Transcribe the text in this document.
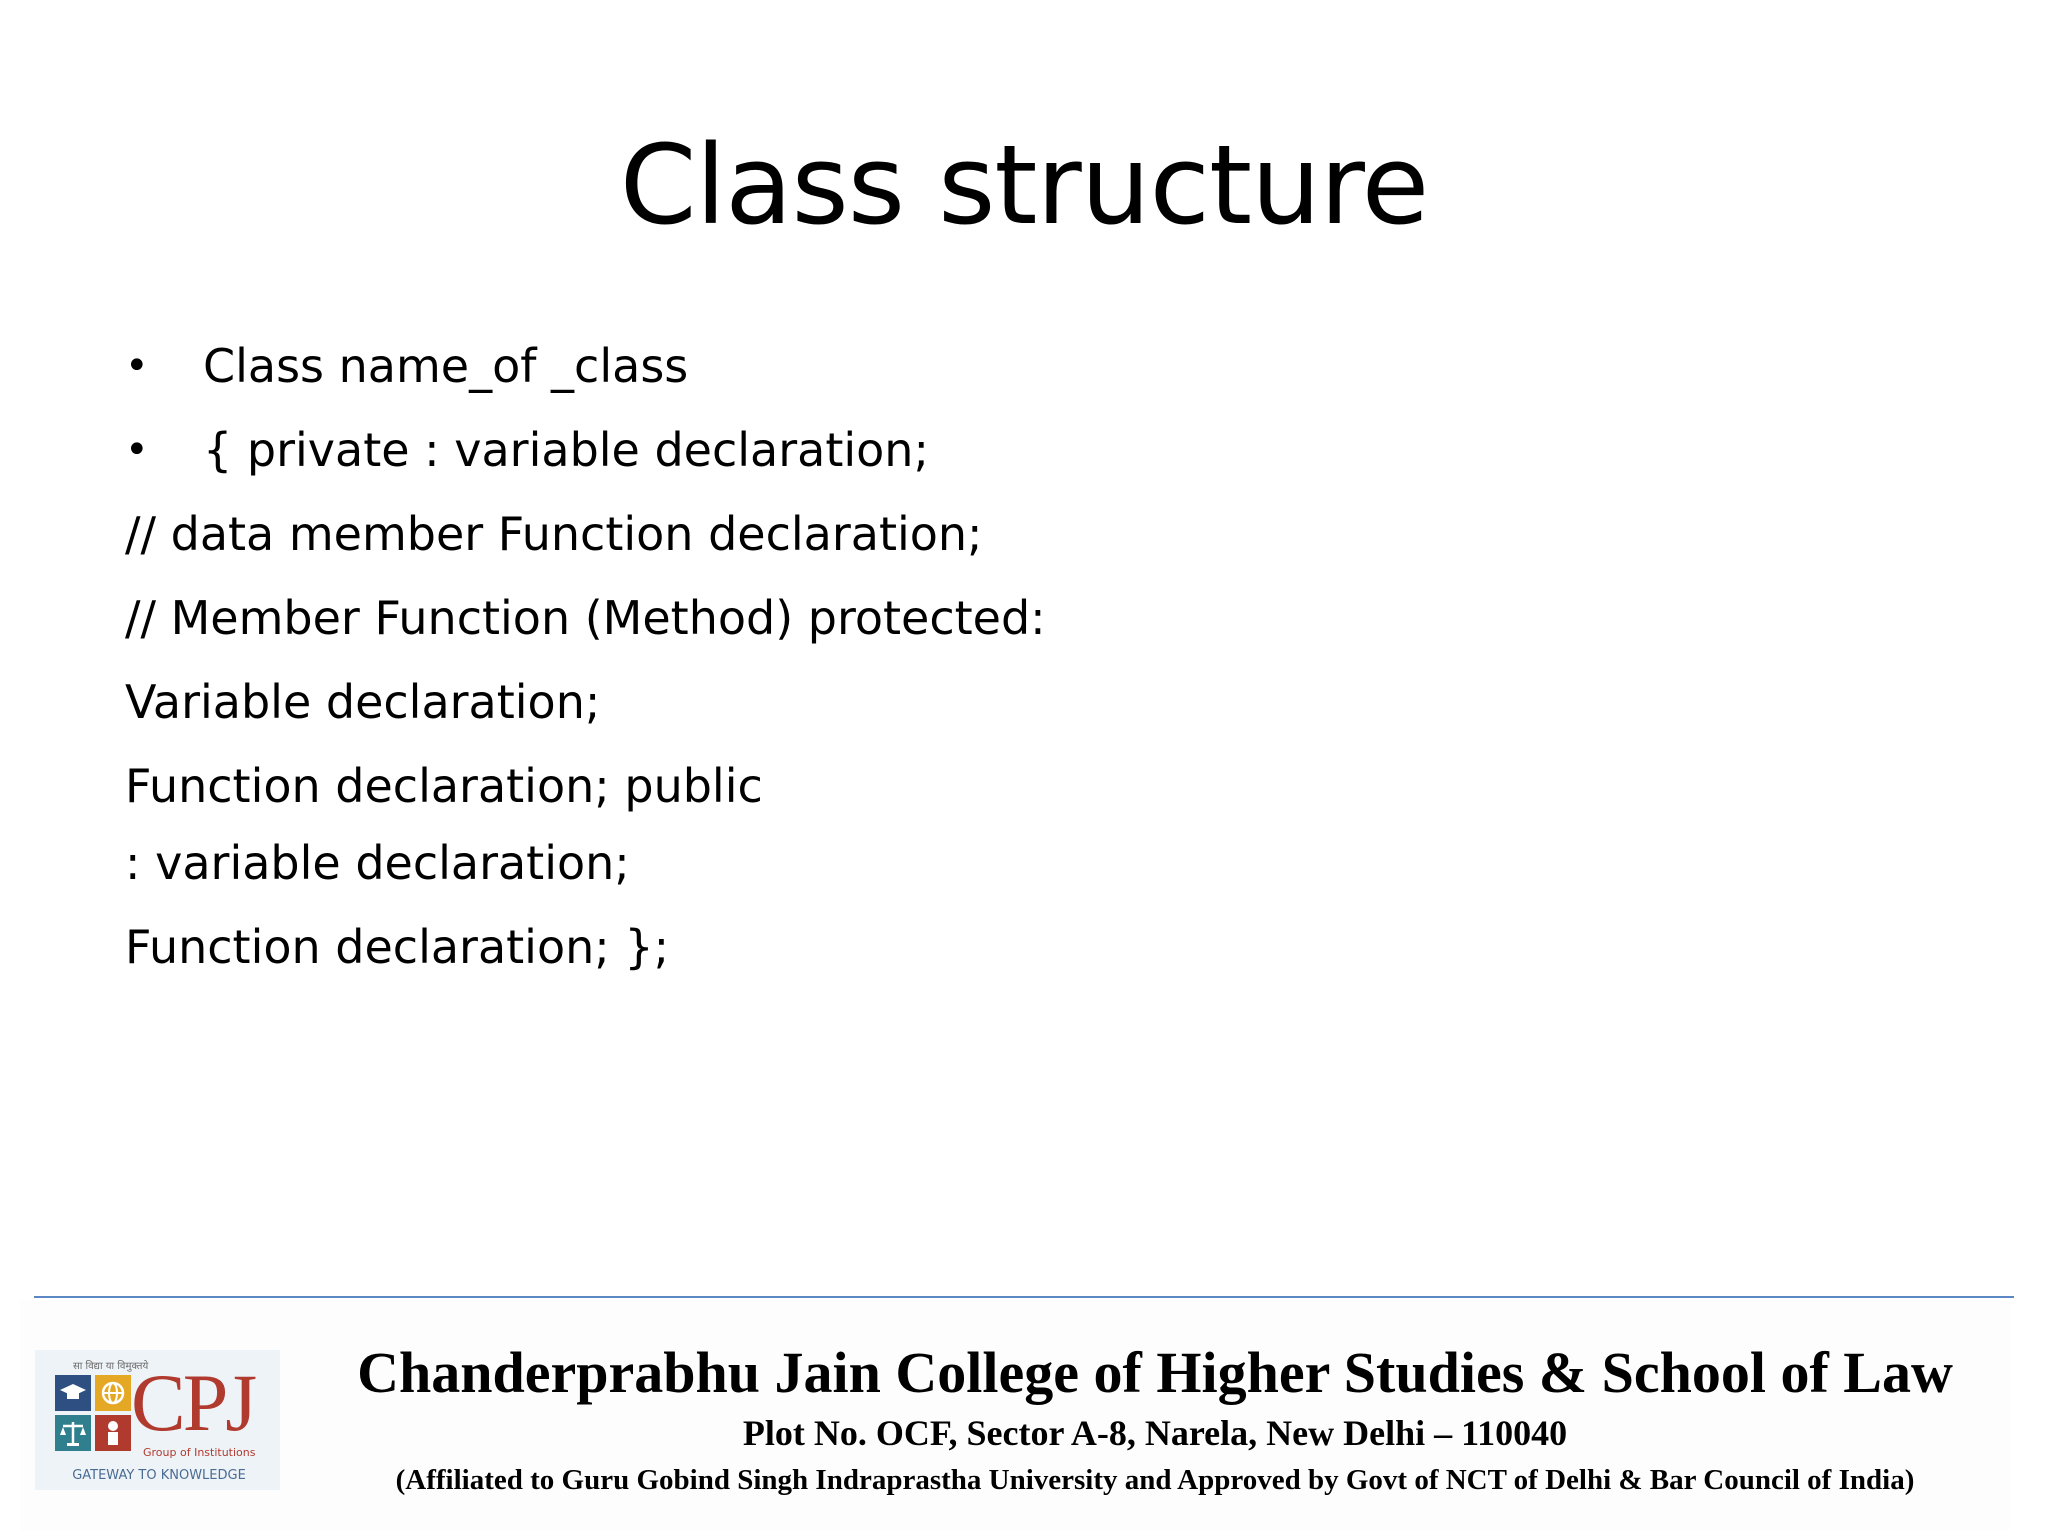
Class structure
• Class name_of _class
• { private : variable declaration;
// data member Function declaration;
// Member Function (Method) protected:
Variable declaration;
Function declaration; public
: variable declaration;
Function declaration; };
सा विद्या या विमुक्तये
CPJ
Group of Institutions
GATEWAY TO KNOWLEDGE
Chanderprabhu Jain College of Higher Studies & School of Law
Plot No. OCF, Sector A-8, Narela, New Delhi – 110040
(Affiliated to Guru Gobind Singh Indraprastha University and Approved by Govt of NCT of Delhi & Bar Council of India)
